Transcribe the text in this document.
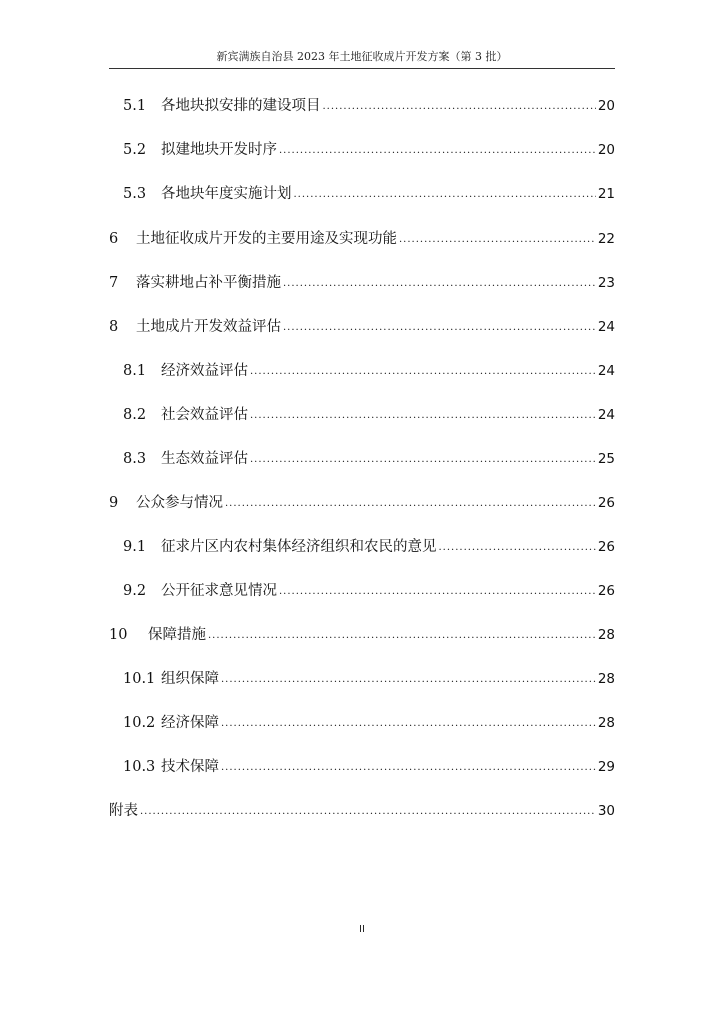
新宾满族自治县 2023 年土地征收成片开发方案（第 3 批）
5.1	各地块拟安排的建设项目 .....	20
5.2	拟建地块开发时序 .....	20
5.3	各地块年度实施计划 .....	21
6	土地征收成片开发的主要用途及实现功能 .....	22
7	落实耕地占补平衡措施 .....	23
8	土地成片开发效益评估 .....	24
8.1	经济效益评估 .....	24
8.2	社会效益评估 .....	24
8.3	生态效益评估 .....	25
9	公众参与情况 .....	26
9.1	征求片区内农村集体经济组织和农民的意见 .....	26
9.2	公开征求意见情况 .....	26
10	保障措施 .....	28
10.1 组织保障 .....	28
10.2 经济保障 .....	28
10.3 技术保障 .....	29
附表 .....	30
II
